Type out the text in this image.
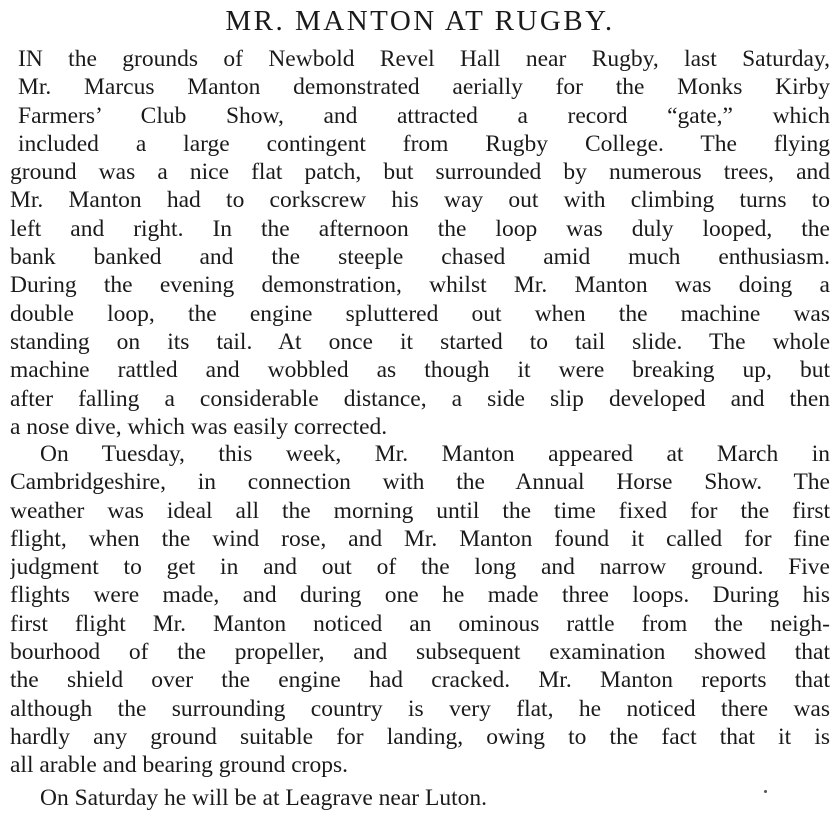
MR. MANTON AT RUGBY.
IN the grounds of Newbold Revel Hall near Rugby, last Saturday,
Mr. Marcus Manton demonstrated aerially for the Monks Kirby
Farmers’ Club Show, and attracted a record “gate,” which
included a large contingent from Rugby College. The flying
ground was a nice flat patch, but surrounded by numerous trees, and
Mr. Manton had to corkscrew his way out with climbing turns to
left and right. In the afternoon the loop was duly looped, the
bank banked and the steeple chased amid much enthusiasm.
During the evening demonstration, whilst Mr. Manton was doing a
double loop, the engine spluttered out when the machine was
standing on its tail. At once it started to tail slide. The whole
machine rattled and wobbled as though it were breaking up, but
after falling a considerable distance, a side slip developed and then
a nose dive, which was easily corrected.
On Tuesday, this week, Mr. Manton appeared at March in
Cambridgeshire, in connection with the Annual Horse Show. The
weather was ideal all the morning until the time fixed for the first
flight, when the wind rose, and Mr. Manton found it called for fine
judgment to get in and out of the long and narrow ground. Five
flights were made, and during one he made three loops. During his
first flight Mr. Manton noticed an ominous rattle from the neigh-
bourhood of the propeller, and subsequent examination showed that
the shield over the engine had cracked. Mr. Manton reports that
although the surrounding country is very flat, he noticed there was
hardly any ground suitable for landing, owing to the fact that it is
all arable and bearing ground crops.
On Saturday he will be at Leagrave near Luton.
